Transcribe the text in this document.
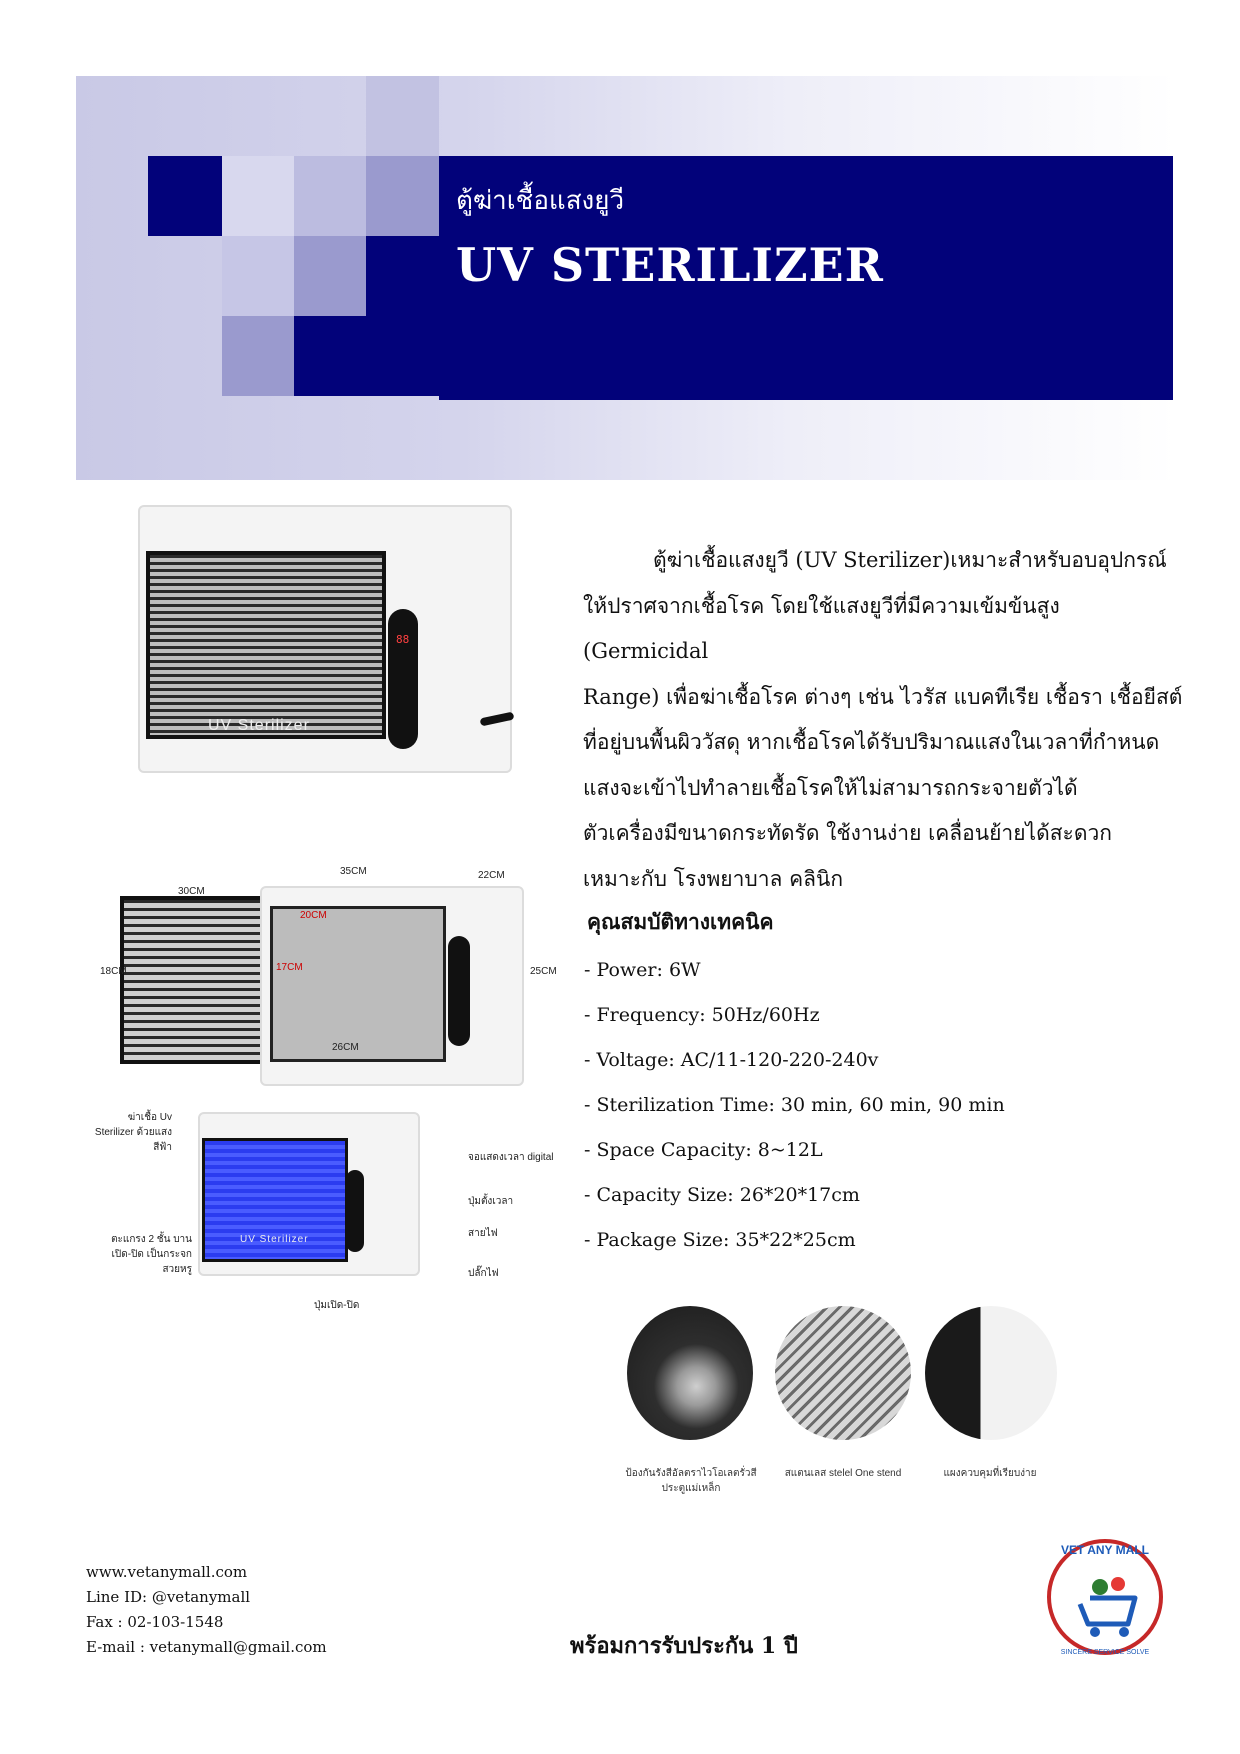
ตู้ฆ่าเชื้อแสงยูวี
UV STERILIZER
UV Sterilizer
88

ตู้ฆ่าเชื้อแสงยูวี (UV Sterilizer)เหมาะสำหรับอบอุปกรณ์

ให้ปราศจากเชื้อโรค โดยใช้แสงยูวีที่มีความเข้มข้นสูง (Germicidal

Range) เพื่อฆ่าเชื้อโรค ต่างๆ เช่น ไวรัส แบคทีเรีย เชื้อรา เชื้อยีสต์

ที่อยู่บนพื้นผิววัสดุ หากเชื้อโรคได้รับปริมาณแสงในเวลาที่กำหนด

แสงจะเข้าไปทำลายเชื้อโรคให้ไม่สามารถกระจายตัวได้

ตัวเครื่องมีขนาดกระทัดรัด ใช้งานง่าย เคลื่อนย้ายได้สะดวก

เหมาะกับ โรงพยาบาล คลินิก

35CM	22CM
30CM
18CM	25CM
26CM
20CM
17CM
คุณสมบัติทางเทคนิค
- Power: 6W
- Frequency: 50Hz/60Hz
- Voltage: AC/11-120-220-240v
- Sterilization Time: 30 min, 60 min, 90 min
- Space Capacity: 8~12L
- Capacity Size: 26*20*17cm
- Package Size: 35*22*25cm
UV Sterilizer
ฆ่าเชื้อ Uv Sterilizer ด้วยแสงสีฟ้า
ตะแกรง 2 ชั้น บานเปิด-ปิด เป็นกระจกสวยหรู
จอแสดงเวลา digital
ปุ่มตั้งเวลา
สายไฟ
ปลั๊กไฟ
ปุ่มเปิด-ปิด
ป้องกันรังสีอัลตราไวโอเลตรั่วสี ประตูแม่เหล็ก
สแตนเลส stelel One stend	แผงควบคุมที่เรียบง่าย
www.vetanymall.com
Line ID: @vetanymall
Fax : 02-103-1548
E-mail : vetanymall@gmail.com	พร้อมการรับประกัน 1 ปี
VET ANY MALL
SINCERE SERVICE SOLVE
